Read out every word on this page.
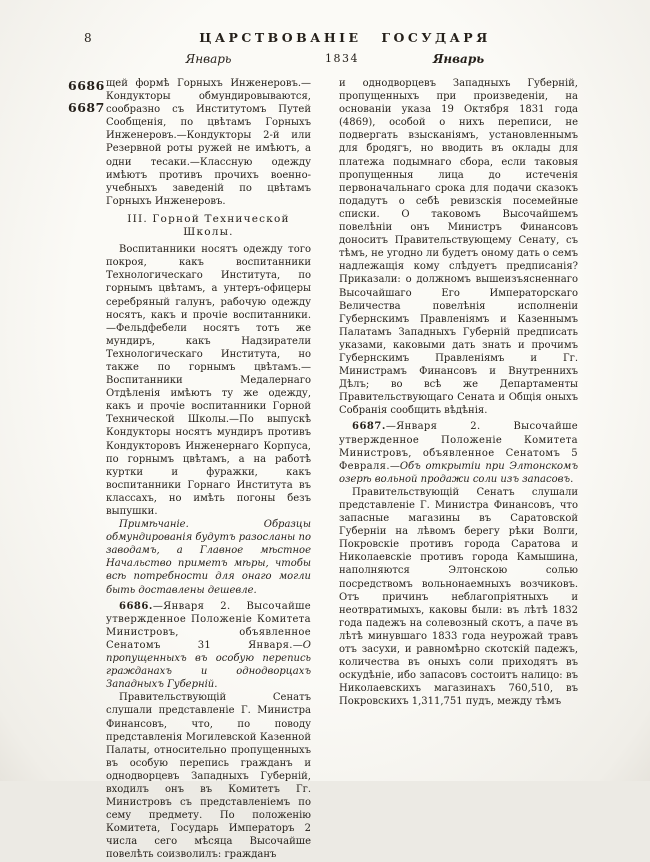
8	ЦАРСТВОВАНІЕ ГОСУДАРЯ
1834
Январь	Январь
6686
6687

щей формѣ Горныхъ Инженеровъ.— Кондукторы обмундировываются, сообразно съ Институтомъ Путей Сообщенія, по цвѣтамъ Горныхъ Инженеровъ.—Кондукторы 2-й или Резервной роты ружей не имѣютъ, а одни тесаки.—Классную одежду имѣютъ противъ прочихъ военно-учебныхъ заведеній по цвѣтамъ Горныхъ Инженеровъ.

III. Горной Технической Школы.

Воспитанники носятъ одежду того покроя, какъ воспитанники Технологическаго Института, по горнымъ цвѣтамъ, а унтеръ-офицеры серебряный галунъ, рабочую одежду носятъ, какъ и прочіе воспитанники.—Фельдфебели носятъ тотъ же мундиръ, какъ Надзиратели Технологическаго Института, но также по горнымъ цвѣтамъ.—Воспитанники Медалернаго Отдѣленія имѣютъ ту же одежду, какъ и прочіе воспитанники Горной Технической Школы.—По выпускѣ Кондукторы носятъ мундиръ противъ Кондукторовъ Инженернаго Корпуса, по горнымъ цвѣтамъ, а на работѣ куртки и фуражки, какъ воспитанники Горнаго Института въ классахъ, но имѣть погоны безъ выпушки.

Примѣчаніе.	Образцы обмундированія будутъ разосланы по заводамъ, а Главное мѣстное Начальство приметъ мѣры, чтобы всѣ потребности для онаго могли быть доставлены дешевле.

6686.—Января 2. Высочайше утвержденное Положеніе Комитета Министровъ, объявленное Сенатомъ 31 Января.—О пропущенныхъ въ особую перепись гражданахъ и однодворцахъ Западныхъ Губерній.

Правительствующій Сенатъ слушали представленіе Г. Министра Финансовъ, что, по поводу представленія Могилевской Казенной Палаты, относительно пропущенныхъ въ особую перепись гражданъ и однодворцевъ Западныхъ Губерній, входилъ онъ въ Комитетъ Гг. Министровъ съ представленіемъ по сему предмету. По положенію Комитета, Государь Императоръ 2 числа сего мѣсяца Высочайше повелѣть соизволилъ: гражданъ

и однодворцевъ Западныхъ Губерній, пропущенныхъ при произведеніи, на основаніи указа 19 Октября 1831 года (4869), особой о нихъ переписи, не подвергать взысканіямъ, установленнымъ для бродягъ, но вводить въ оклады для платежа подымнаго сбора, если таковыя пропущенныя лица до истеченія первоначальнаго срока для подачи сказокъ подадутъ о себѣ ревизскія посемейные списки. О таковомъ Высочайшемъ повелѣніи онъ Министръ Финансовъ доноситъ Правительствующему Сенату, съ тѣмъ, не угодно ли будетъ оному дать о семъ надлежащія кому слѣдуетъ предписанія? Приказали: о должномъ вышеизъясненнаго Высочайшаго Его Императорскаго Величества повелѣнія исполненіи Губернскимъ Правленіямъ и Казеннымъ Палатамъ Западныхъ Губерній предписать указами, каковыми дать знать и прочимъ Губернскимъ Правленіямъ и Гг. Министрамъ Финансовъ и Внутреннихъ Дѣлъ; во всѣ же Департаменты Правительствующаго Сената и Общія оныхъ Собранія сообщить вѣдѣнія.

6687.—Января 2. Высочайше утвержденное Положеніе Комитета Министровъ, объявленное Сенатомъ 5 Февраля.—Объ открытіи при Элтонскомъ озерѣ вольной продажи соли изъ запасовъ.

Правительствующій Сенатъ слушали представленіе Г. Министра Финансовъ, что запасные магазины въ Саратовской Губерніи на лѣвомъ берегу рѣки Волги, Покровскіе противъ города Саратова и Николаевскіе противъ города Камышина, наполняются Элтонскою солью посредствомъ вольнонаемныхъ возчиковъ. Отъ причинъ неблагопріятныхъ и неотвратимыхъ, каковы были: въ лѣтѣ 1832 года падежъ на солевозный скотъ, а паче въ лѣтѣ минувшаго 1833 года неурожай травъ отъ засухи, и равномѣрно скотскій падежъ, количества въ оныхъ соли приходятъ въ оскудѣніе, ибо запасовъ состоитъ налицо: въ Николаевскихъ магазинахъ 760,510, въ Покровскихъ 1,311,751 пудъ, между тѣмъ
